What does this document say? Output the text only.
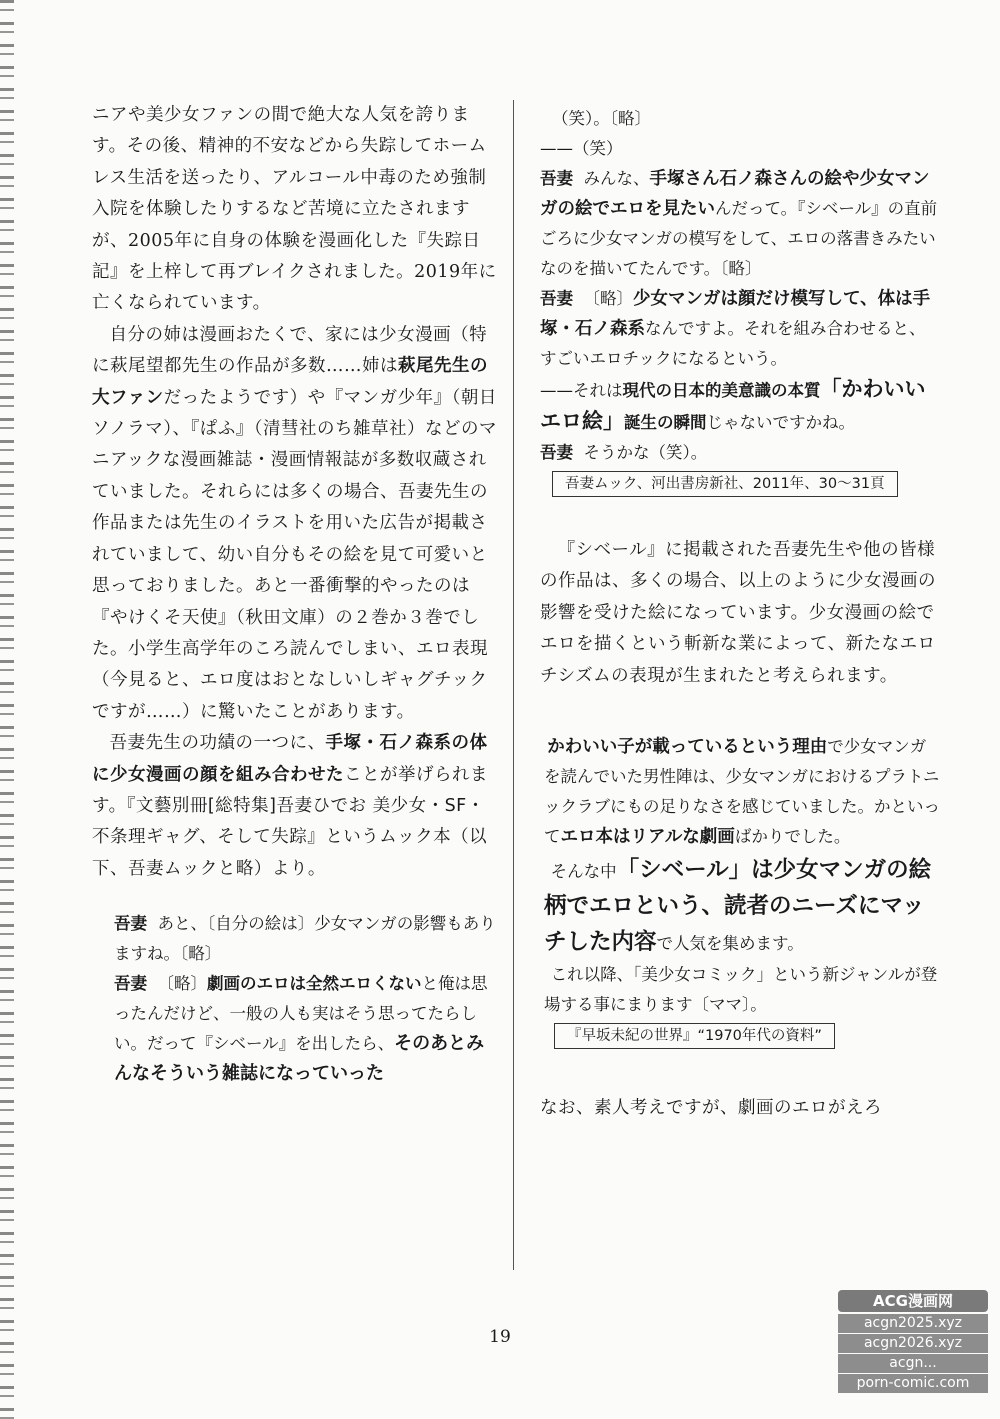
ニアや美少女ファンの間で絶大な人気を誇ります。その後、精神的不安などから失踪してホームレス生活を送ったり、アルコール中毒のため強制入院を体験したりするなど苦境に立たされますが、2005年に自身の体験を漫画化した『失踪日記』を上梓して再ブレイクされました。2019年に亡くなられています。

自分の姉は漫画おたくで、家には少女漫画（特に萩尾望都先生の作品が多数……姉は萩尾先生の大ファンだったようです）や『マンガ少年』（朝日ソノラマ）、『ぱふ』（清彗社のち雑草社）などのマニアックな漫画雑誌・漫画情報誌が多数収蔵されていました。それらには多くの場合、吾妻先生の作品または先生のイラストを用いた広告が掲載されていまして、幼い自分もその絵を見て可愛いと思っておりました。あと一番衝撃的やったのは『やけくそ天使』（秋田文庫）の２巻か３巻でした。小学生高学年のころ読んでしまい、エロ表現（今見ると、エロ度はおとなしいしギャグチックですが……）に驚いたことがあります。

吾妻先生の功績の一つに、手塚・石ノ森系の体に少女漫画の顔を組み合わせたことが挙げられます。『文藝別冊[総特集]吾妻ひでお 美少女・SF・不条理ギャグ、そして失踪』というムック本（以下、吾妻ムックと略）より。

吾妻 あと、〔自分の絵は〕少女マンガの影響もありますね。〔略〕

吾妻 〔略〕劇画のエロは全然エロくないと俺は思ったんだけど、一般の人も実はそう思ってたらしい。だって『シベール』を出したら、そのあとみんなそういう雑誌になっていった

（笑）。〔略〕

——（笑）

吾妻 みんな、手塚さん石ノ森さんの絵や少女マンガの絵でエロを見たいんだって。『シベール』の直前ごろに少女マンガの模写をして、エロの落書きみたいなのを描いてたんです。〔略〕

吾妻 〔略〕少女マンガは顔だけ模写して、体は手塚・石ノ森系なんですよ。それを組み合わせると、すごいエロチックになるという。

——それは現代の日本的美意識の本質「かわいいエロ絵」誕生の瞬間じゃないですかね。

吾妻 そうかな（笑）。

吾妻ムック、河出書房新社、2011年、30〜31頁

『シベール』に掲載された吾妻先生や他の皆様の作品は、多くの場合、以上のように少女漫画の影響を受けた絵になっています。少女漫画の絵でエロを描くという斬新な業によって、新たなエロチシズムの表現が生まれたと考えられます。

かわいい子が載っているという理由で少女マンガを読んでいた男性陣は、少女マンガにおけるプラトニックラブにもの足りなさを感じていました。かといってエロ本はリアルな劇画ばかりでした。

そんな中「シベール」は少女マンガの絵柄でエロという、読者のニーズにマッチした内容で人気を集めます。

これ以降、「美少女コミック」という新ジャンルが登場する事にまります〔ママ〕。

『早坂未紀の世界』“1970年代の資料”

なお、素人考えですが、劇画のエロがえろ

19
ACG漫画网
acgn2025.xyz
acgn2026.xyz
acgn...
porn-comic.com
